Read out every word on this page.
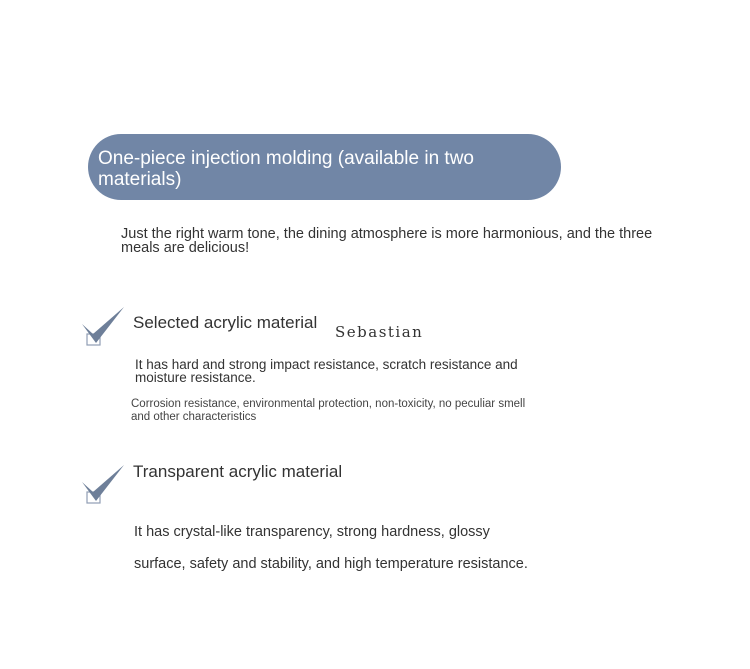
One-piece injection molding (available in two materials)
Just the right warm tone, the dining atmosphere is more harmonious, and the three meals are delicious!
Selected acrylic material Sebastian
It has hard and strong impact resistance, scratch resistance and moisture resistance.
Corrosion resistance, environmental protection, non-toxicity, no peculiar smell and other characteristics
Transparent acrylic material
It has crystal-like transparency, strong hardness, glossy
surface, safety and stability, and high temperature resistance.
